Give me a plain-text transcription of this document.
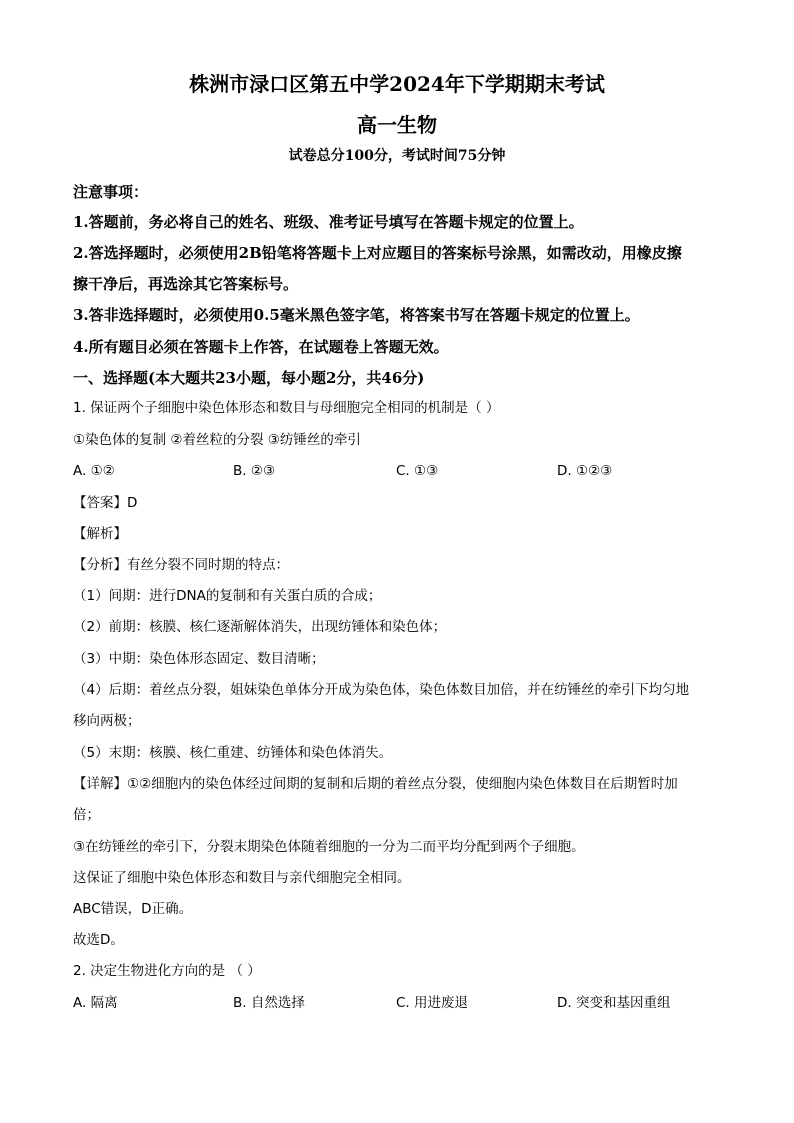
株洲市渌口区第五中学2024年下学期期末考试
高一生物
试卷总分100分，考试时间75分钟
注意事项：
1.答题前，务必将自己的姓名、班级、准考证号填写在答题卡规定的位置上。
2.答选择题时，必须使用2B铅笔将答题卡上对应题目的答案标号涂黑，如需改动，用橡皮擦
擦干净后，再选涂其它答案标号。
3.答非选择题时，必须使用0.5毫米黑色签字笔，将答案书写在答题卡规定的位置上。
4.所有题目必须在答题卡上作答，在试题卷上答题无效。
一、选择题(本大题共23小题，每小题2分，共46分)
1. 保证两个子细胞中染色体形态和数目与母细胞完全相同的机制是（ ）
①染色体的复制 ②着丝粒的分裂 ③纺锤丝的牵引
A. ①②	B. ②③	C. ①③	D. ①②③
【答案】D
【解析】
【分析】有丝分裂不同时期的特点：
（1）间期：进行DNA的复制和有关蛋白质的合成；
（2）前期：核膜、核仁逐渐解体消失，出现纺锤体和染色体；
（3）中期：染色体形态固定、数目清晰；
（4）后期：着丝点分裂，姐妹染色单体分开成为染色体，染色体数目加倍，并在纺锤丝的牵引下均匀地
移向两极；
（5）末期：核膜、核仁重建、纺锤体和染色体消失。
【详解】①②细胞内的染色体经过间期的复制和后期的着丝点分裂，使细胞内染色体数目在后期暂时加
倍；
③在纺锤丝的牵引下，分裂末期染色体随着细胞的一分为二而平均分配到两个子细胞。
这保证了细胞中染色体形态和数目与亲代细胞完全相同。
ABC错误，D正确。
故选D。
2. 决定生物进化方向的是 （ ）
A. 隔离	B. 自然选择	C. 用进废退	D. 突变和基因重组
